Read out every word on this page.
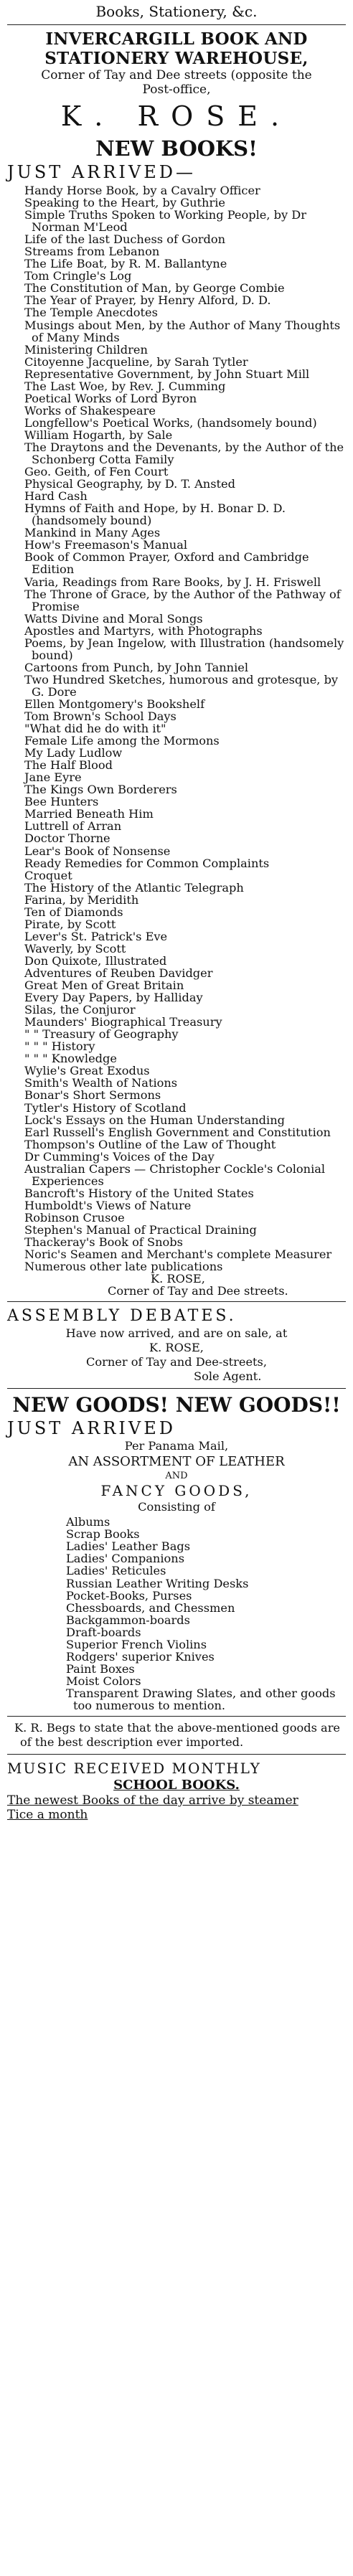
Books, Stationery, &c.
INVERCARGILL BOOK AND
STATIONERY WAREHOUSE,
Corner of Tay and Dee streets (opposite the
Post-office,
K. ROSE.
NEW BOOKS!
JUST ARRIVED—
Handy Horse Book, by a Cavalry Officer
Speaking to the Heart, by Guthrie
Simple Truths Spoken to Working People, by Dr Norman M'Leod
Life of the last Duchess of Gordon
Streams from Lebanon
The Life Boat, by R. M. Ballantyne
Tom Cringle's Log
The Constitution of Man, by George Combie
The Year of Prayer, by Henry Alford, D. D.
The Temple Anecdotes
Musings about Men, by the Author of Many Thoughts of Many Minds
Ministering Children
Citoyenne Jacqueline, by Sarah Tytler
Representative Government, by John Stuart Mill
The Last Woe, by Rev. J. Cumming
Poetical Works of Lord Byron
Works of Shakespeare
Longfellow's Poetical Works, (handsomely bound)
William Hogarth, by Sale
The Draytons and the Devenants, by the Author of the Schonberg Cotta Family
Geo. Geith, of Fen Court
Physical Geography, by D. T. Ansted
Hard Cash
Hymns of Faith and Hope, by H. Bonar D. D. (handsomely bound)
Mankind in Many Ages
How's Freemason's Manual
Book of Common Prayer, Oxford and Cambridge Edition
Varia, Readings from Rare Books, by J. H. Friswell
The Throne of Grace, by the Author of the Pathway of Promise
Watts Divine and Moral Songs
Apostles and Martyrs, with Photographs
Poems, by Jean Ingelow, with Illustration (handsomely bound)
Cartoons from Punch, by John Tanniel
Two Hundred Sketches, humorous and grotesque, by G. Dore
Ellen Montgomery's Bookshelf
Tom Brown's School Days
"What did he do with it"
Female Life among the Mormons
My Lady Ludlow
The Half Blood
Jane Eyre
The Kings Own Borderers
Bee Hunters
Married Beneath Him
Luttrell of Arran
Doctor Thorne
Lear's Book of Nonsense
Ready Remedies for Common Complaints
Croquet
The History of the Atlantic Telegraph
Farina, by Meridith
Ten of Diamonds
Pirate, by Scott
Lever's St. Patrick's Eve
Waverly, by Scott
Don Quixote, Illustrated
Adventures of Reuben Davidger
Great Men of Great Britain
Every Day Papers, by Halliday
Silas, the Conjuror
Maunders' Biographical Treasury
" " Treasury of Geography
" " " History
" " " Knowledge
Wylie's Great Exodus
Smith's Wealth of Nations
Bonar's Short Sermons
Tytler's History of Scotland
Lock's Essays on the Human Understanding
Earl Russell's English Government and Constitution
Thompson's Outline of the Law of Thought
Dr Cumming's Voices of the Day
Australian Capers — Christopher Cockle's Colonial Experiences
Bancroft's History of the United States
Humboldt's Views of Nature
Robinson Crusoe
Stephen's Manual of Practical Draining
Thackeray's Book of Snobs
Noric's Seamen and Merchant's complete Measurer
Numerous other late publications
K. ROSE,
Corner of Tay and Dee streets.
ASSEMBLY DEBATES.
Have now arrived, and are on sale, at
K. ROSE,
Corner of Tay and Dee-streets,
Sole Agent.
NEW GOODS! NEW GOODS!!
JUST ARRIVED
Per Panama Mail,
AN ASSORTMENT OF LEATHER
AND
FANCY GOODS,
Consisting of
Albums
Scrap Books
Ladies' Leather Bags
Ladies' Companions
Ladies' Reticules
Russian Leather Writing Desks
Pocket-Books, Purses
Chessboards, and Chessmen
Backgammon-boards
Draft-boards
Superior French Violins
Rodgers' superior Knives
Paint Boxes
Moist Colors
Transparent Drawing Slates, and other goods too numerous to mention.
K. R. Begs to state that the above-mentioned goods are of the best description ever imported.
MUSIC RECEIVED MONTHLY
SCHOOL BOOKS.
The newest Books of the day arrive by steamer
Tice a month
